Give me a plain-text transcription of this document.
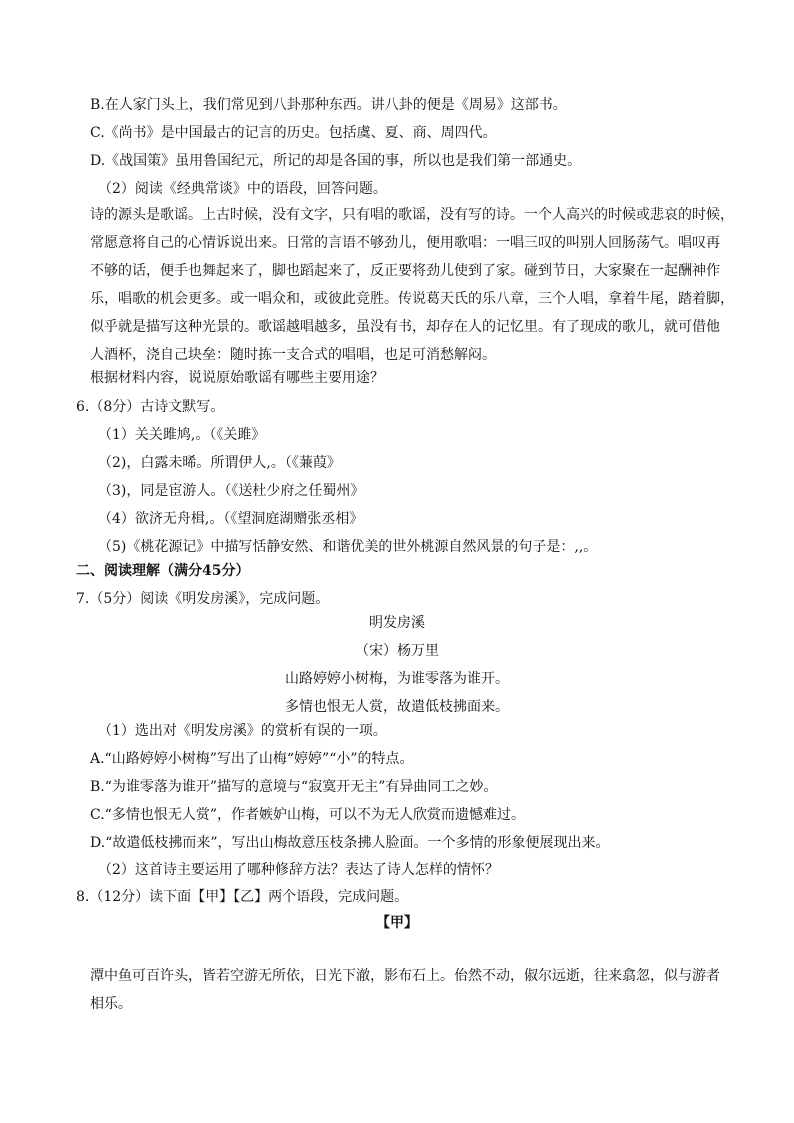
B.在人家门头上，我们常见到八卦那种东西。讲八卦的便是《周易》这部书。
C.《尚书》是中国最古的记言的历史。包括虞、夏、商、周四代。
D.《战国策》虽用鲁国纪元，所记的却是各国的事，所以也是我们第一部通史。
（2）阅读《经典常谈》中的语段，回答问题。
诗的源头是歌谣。上古时候，没有文字，只有唱的歌谣，没有写的诗。一个人高兴的时候或悲哀的时候，
常愿意将自己的心情诉说出来。日常的言语不够劲儿，便用歌唱：一唱三叹的叫别人回肠荡气。唱叹再
不够的话，便手也舞起来了，脚也蹈起来了，反正要将劲儿使到了家。碰到节日，大家聚在一起酬神作
乐，唱歌的机会更多。或一唱众和，或彼此竞胜。传说葛天氏的乐八章，三个人唱，拿着牛尾，踏着脚，
似乎就是描写这种光景的。歌谣越唱越多，虽没有书，却存在人的记忆里。有了现成的歌儿，就可借他
人酒杯，浇自己块垒：随时拣一支合式的唱唱，也足可消愁解闷。
根据材料内容，说说原始歌谣有哪些主要用途？
6.（8分）古诗文默写。
（1）关关雎鸠,。（《关雎》
（2)，白露未晞。所谓伊人,。（《蒹葭》
（3)，同是宦游人。（《送杜少府之任蜀州》
（4）欲济无舟楫,。（《望洞庭湖赠张丞相》
（5)《桃花源记》中描写恬静安然、和谐优美的世外桃源自然风景的句子是：,,。
二、阅读理解（满分45分）
7.（5分）阅读《明发房溪》，完成问题。
明发房溪
（宋）杨万里
山路婷婷小树梅，为谁零落为谁开。
多情也恨无人赏，故遣低枝拂面来。
（1）选出对《明发房溪》的赏析有误的一项。
A.“山路婷婷小树梅”写出了山梅“婷婷”“小”的特点。
B.“为谁零落为谁开”描写的意境与“寂寞开无主”有异曲同工之妙。
C.“多情也恨无人赏”，作者嫉妒山梅，可以不为无人欣赏而遗憾难过。
D.“故遣低枝拂而来”，写出山梅故意压枝条拂人脸面。一个多情的形象便展现出来。
（2）这首诗主要运用了哪种修辞方法？表达了诗人怎样的情怀？
8.（12分）读下面【甲】【乙】两个语段，完成问题。
【甲】
潭中鱼可百许头，皆若空游无所依，日光下澈，影布石上。佁然不动，俶尔远逝，往来翕忽，似与游者
相乐。
